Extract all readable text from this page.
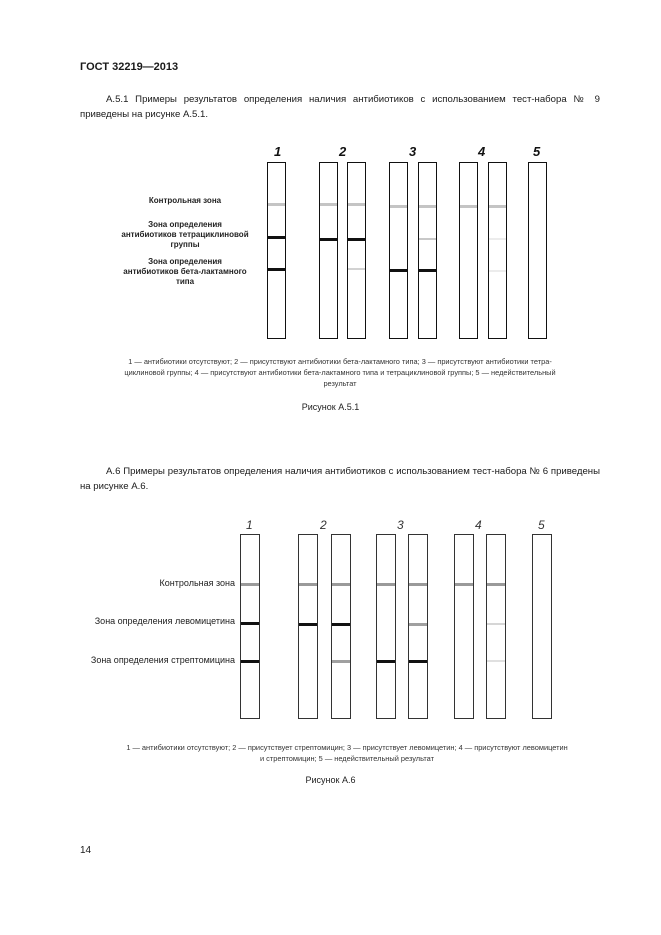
ГОСТ 32219—2013
А.5.1 Примеры результатов определения наличия антибиотиков с использованием тест-набора № 9 приведены на рисунке А.5.1.
1	2	3	4	5
Контрольная зона
Зона определения
антибиотиков тетрациклиновой
группы
Зона определения
антибиотиков бета-лактамного
типа
1 — антибиотики отсутствуют; 2 — присутствуют антибиотики бета-лактамного типа; 3 — присутствуют антибиотики тетра-
циклиновой группы; 4 — присутствуют антибиотики бета-лактамного типа и тетрациклиновой группы; 5 — недействительный
результат
Рисунок А.5.1
А.6 Примеры результатов определения наличия антибиотиков с использованием тест-набора № 6 приведены на рисунке А.6.
1	2	3	4	5
Контрольная зона
Зона определения левомицетина
Зона определения стрептомицина
1 — антибиотики отсутствуют; 2 — присутствует стрептомицин; 3 — присутствует левомицетин; 4 — присутствуют левомицетин
и стрептомицин; 5 — недействительный результат
Рисунок А.6
14
